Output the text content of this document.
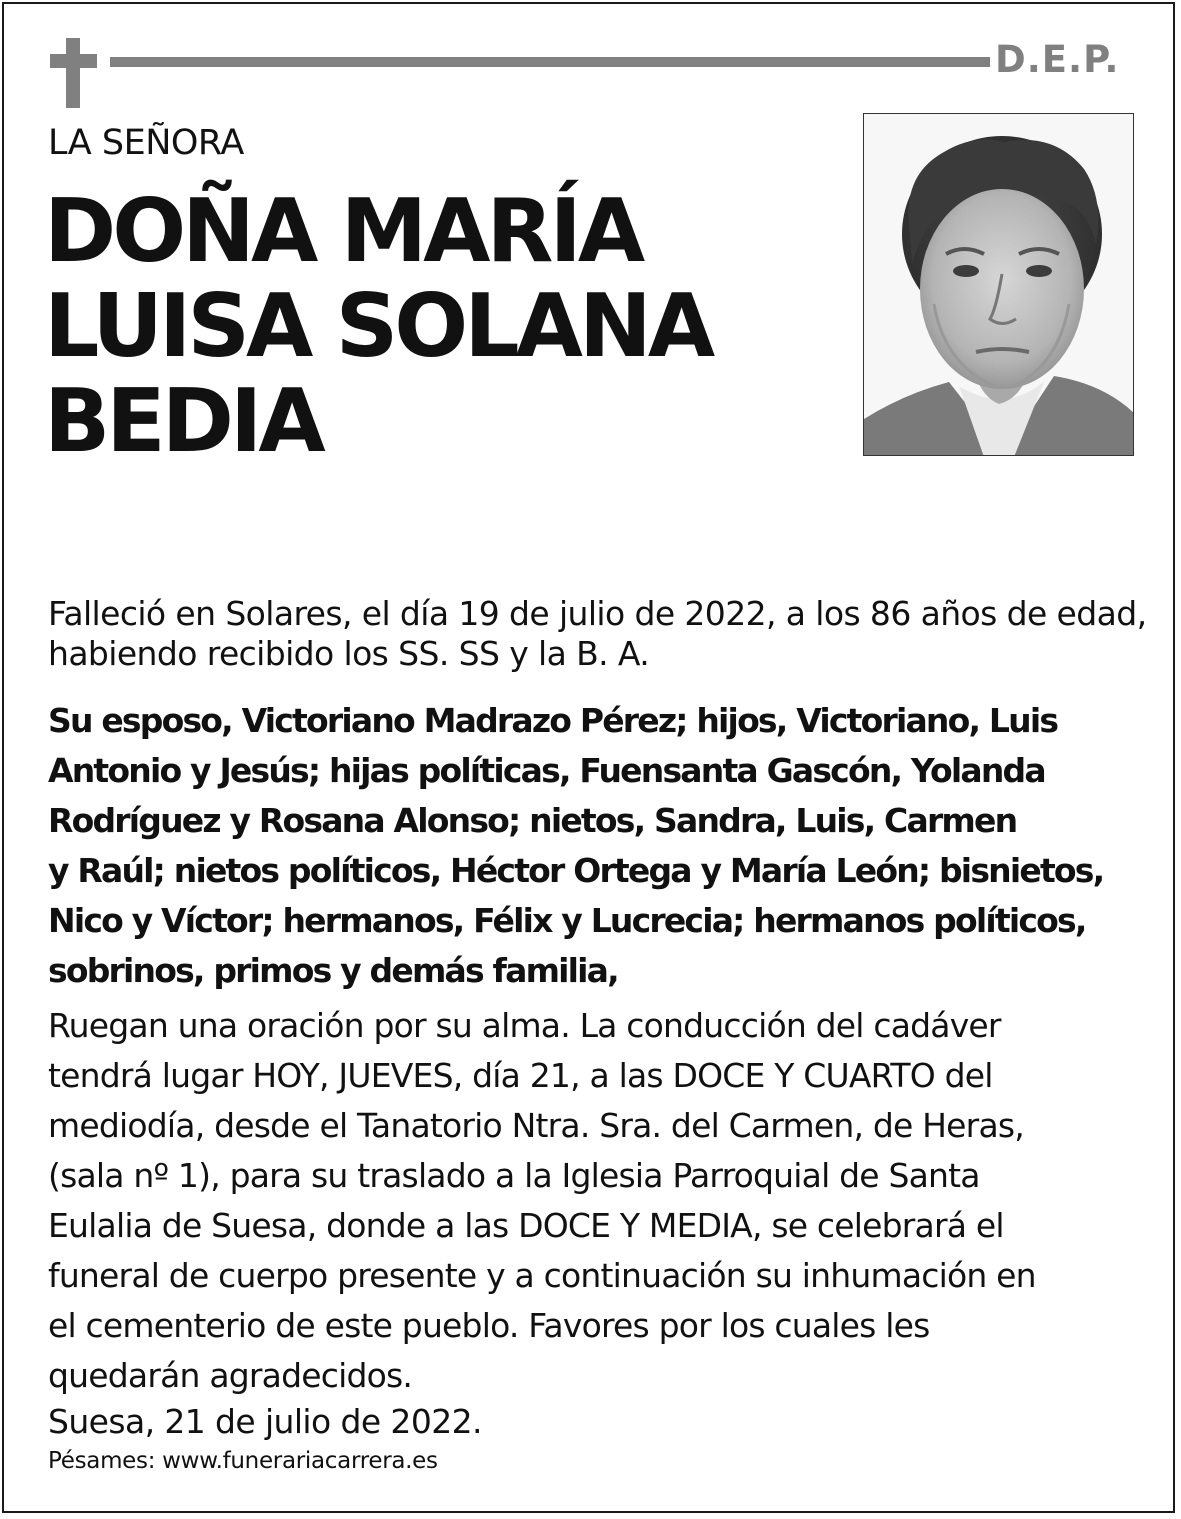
D.E.P.
LA SEÑORA
DOÑA MARÍA
LUISA SOLANA
BEDIA

Falleció en Solares, el día 19 de julio de 2022, a los 86 años de edad, habiendo recibido los SS. SS y la B. A.

Su esposo, Victoriano Madrazo Pérez; hijos, Victoriano, Luis
Antonio y Jesús; hijas políticas, Fuensanta Gascón, Yolanda
Rodríguez y Rosana Alonso; nietos, Sandra, Luis, Carmen
y Raúl; nietos políticos, Héctor Ortega y María León; bisnietos,
Nico y Víctor; hermanos, Félix y Lucrecia; hermanos políticos,
sobrinos, primos y demás familia,

Ruegan una oración por su alma. La conducción del cadáver
tendrá lugar HOY, JUEVES, día 21, a las DOCE Y CUARTO del
mediodía, desde el Tanatorio Ntra. Sra. del Carmen, de Heras,
(sala nº 1), para su traslado a la Iglesia Parroquial de Santa
Eulalia de Suesa, donde a las DOCE Y MEDIA, se celebrará el
funeral de cuerpo presente y a continuación su inhumación en
el cementerio de este pueblo. Favores por los cuales les
quedarán agradecidos.

Suesa, 21 de julio de 2022.
Pésames: www.funerariacarrera.es
